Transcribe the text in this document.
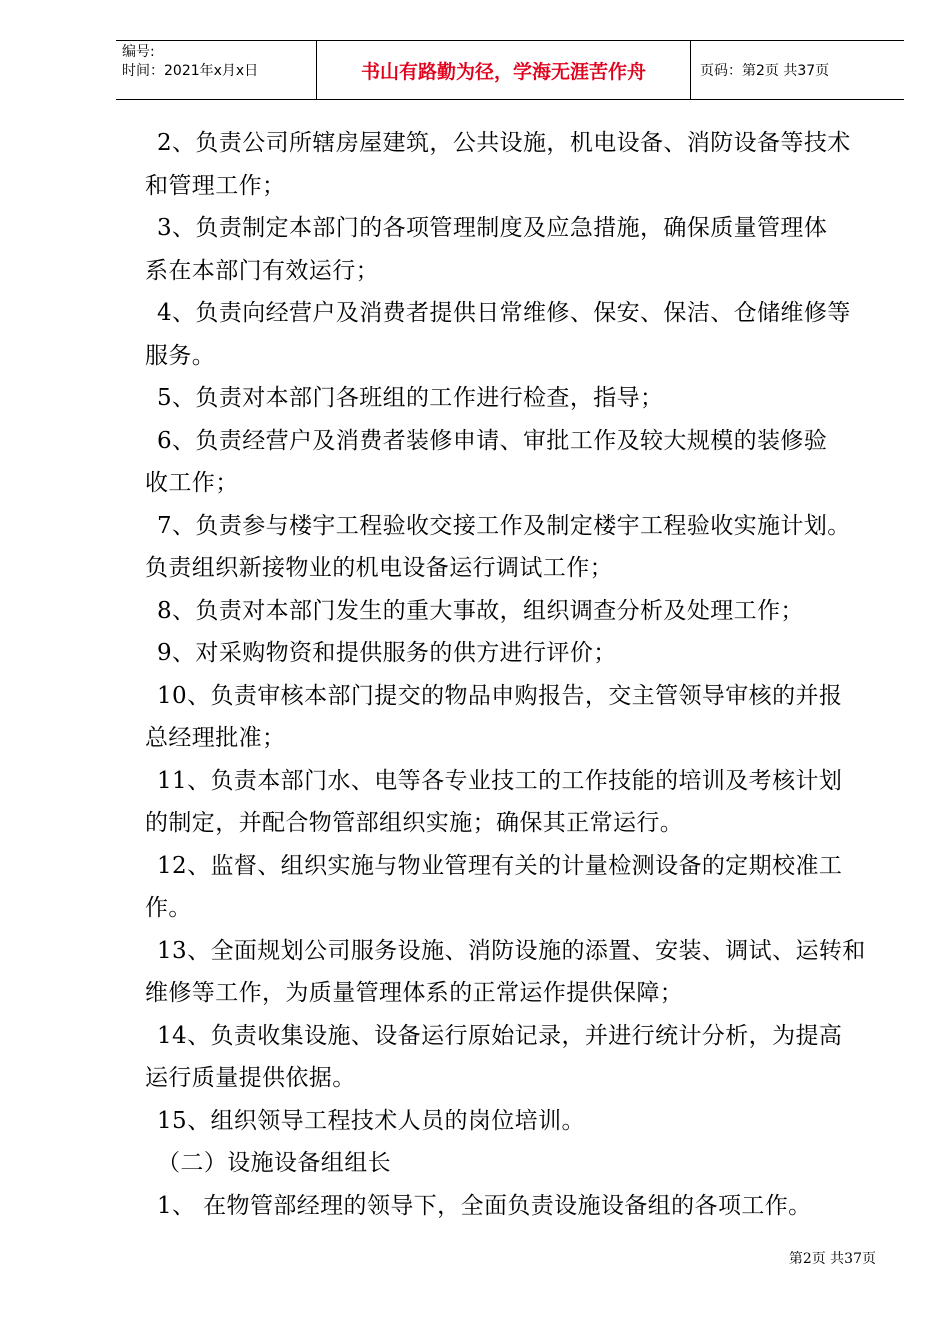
编号:
时间：2021年x月x日	书山有路勤为径，学海无涯苦作舟	页码：第2页 共37页
2、负责公司所辖房屋建筑，公共设施，机电设备、消防设备等技术
和管理工作；
3、负责制定本部门的各项管理制度及应急措施，确保质量管理体
系在本部门有效运行；
4、负责向经营户及消费者提供日常维修、保安、保洁、仓储维修等
服务。
5、负责对本部门各班组的工作进行检查，指导；
6、负责经营户及消费者装修申请、审批工作及较大规模的装修验
收工作；
7、负责参与楼宇工程验收交接工作及制定楼宇工程验收实施计划。
负责组织新接物业的机电设备运行调试工作；
8、负责对本部门发生的重大事故，组织调查分析及处理工作；
9、对采购物资和提供服务的供方进行评价；
10、负责审核本部门提交的物品申购报告，交主管领导审核的并报
总经理批准；
11、负责本部门水、电等各专业技工的工作技能的培训及考核计划
的制定，并配合物管部组织实施；确保其正常运行。
12、监督、组织实施与物业管理有关的计量检测设备的定期校准工
作。
13、全面规划公司服务设施、消防设施的添置、安装、调试、运转和
维修等工作，为质量管理体系的正常运作提供保障；
14、负责收集设施、设备运行原始记录，并进行统计分析，为提高
运行质量提供依据。
15、组织领导工程技术人员的岗位培训。
（二）设施设备组组长
1、 在物管部经理的领导下，全面负责设施设备组的各项工作。
第2页 共37页
